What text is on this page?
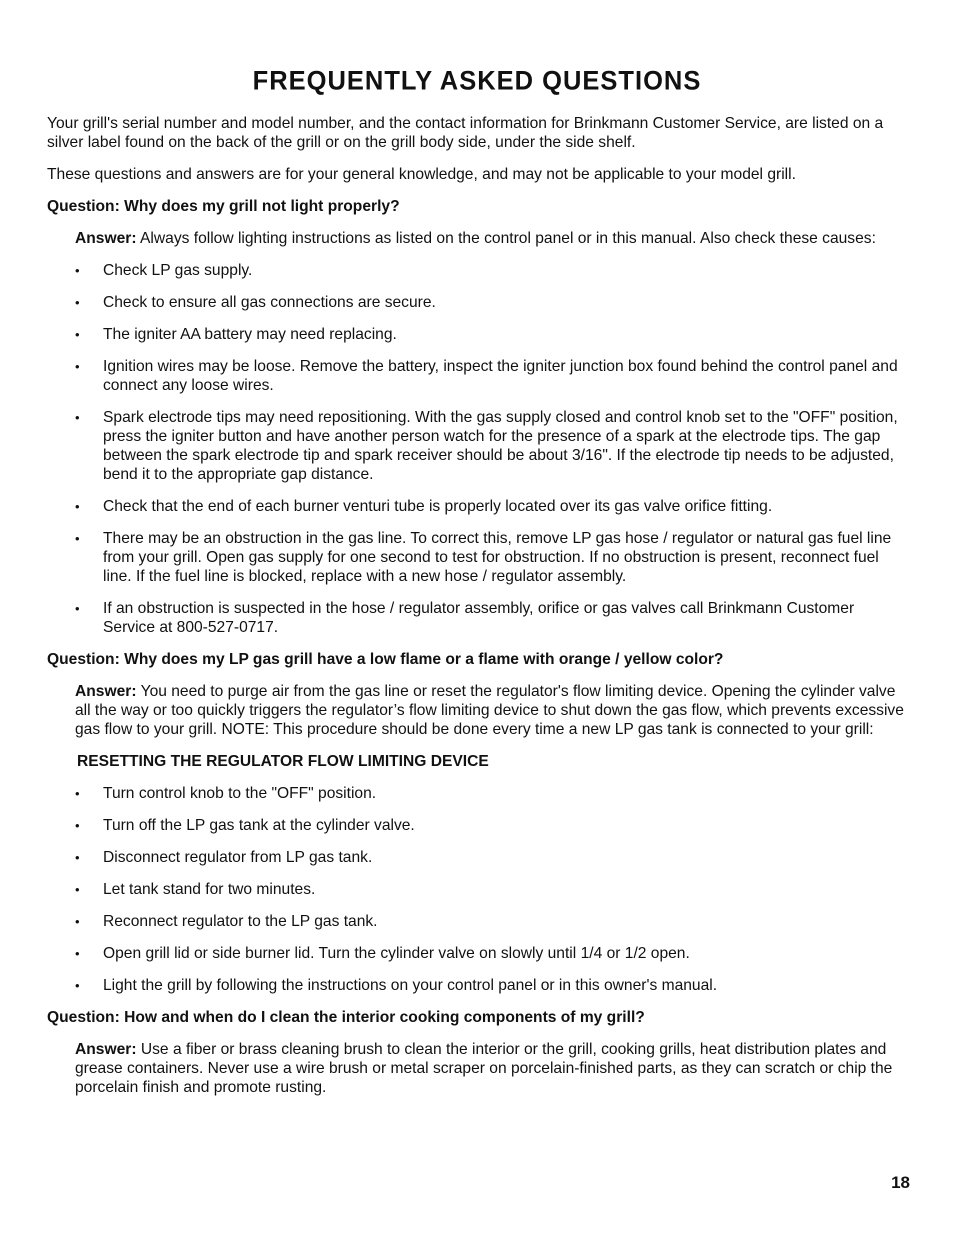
FREQUENTLY ASKED QUESTIONS

Your grill's serial number and model number, and the contact information for Brinkmann Customer Service, are listed on a silver label found on the back of the grill or on the grill body side, under the side shelf.

These questions and answers are for your general knowledge, and may not be applicable to your model grill.

Question: Why does my grill not light properly?

Answer: Always follow lighting instructions as listed on the control panel or in this manual. Also check these causes:

• Check LP gas supply.
• Check to ensure all gas connections are secure.
• The igniter AA battery may need replacing.
• Ignition wires may be loose. Remove the battery, inspect the igniter junction box found behind the control panel and connect any loose wires.
• Spark electrode tips may need repositioning. With the gas supply closed and control knob set to the "OFF" position, press the igniter button and have another person watch for the presence of a spark at the electrode tips. The gap between the spark electrode tip and spark receiver should be about 3/16". If the electrode tip needs to be adjusted, bend it to the appropriate gap distance.
• Check that the end of each burner venturi tube is properly located over its gas valve orifice fitting.
• There may be an obstruction in the gas line. To correct this, remove LP gas hose / regulator or natural gas fuel line from your grill. Open gas supply for one second to test for obstruction. If no obstruction is present, reconnect fuel line. If the fuel line is blocked, replace with a new hose / regulator assembly.
• If an obstruction is suspected in the hose / regulator assembly, orifice or gas valves call Brinkmann Customer Service at 800-527-0717.
Question: Why does my LP gas grill have a low flame or a flame with orange / yellow color?

Answer: You need to purge air from the gas line or reset the regulator's flow limiting device. Opening the cylinder valve all the way or too quickly triggers the regulator’s flow limiting device to shut down the gas flow, which prevents excessive gas flow to your grill. NOTE: This procedure should be done every time a new LP gas tank is connected to your grill:

RESETTING THE REGULATOR FLOW LIMITING DEVICE
• Turn control knob to the "OFF" position.
• Turn off the LP gas tank at the cylinder valve.
• Disconnect regulator from LP gas tank.
• Let tank stand for two minutes.
• Reconnect regulator to the LP gas tank.
• Open grill lid or side burner lid. Turn the cylinder valve on slowly until 1/4 or 1/2 open.
• Light the grill by following the instructions on your control panel or in this owner's manual.
Question: How and when do I clean the interior cooking components of my grill?

Answer: Use a fiber or brass cleaning brush to clean the interior or the grill, cooking grills, heat distribution plates and grease containers. Never use a wire brush or metal scraper on porcelain-finished parts, as they can scratch or chip the porcelain finish and promote rusting.

18
